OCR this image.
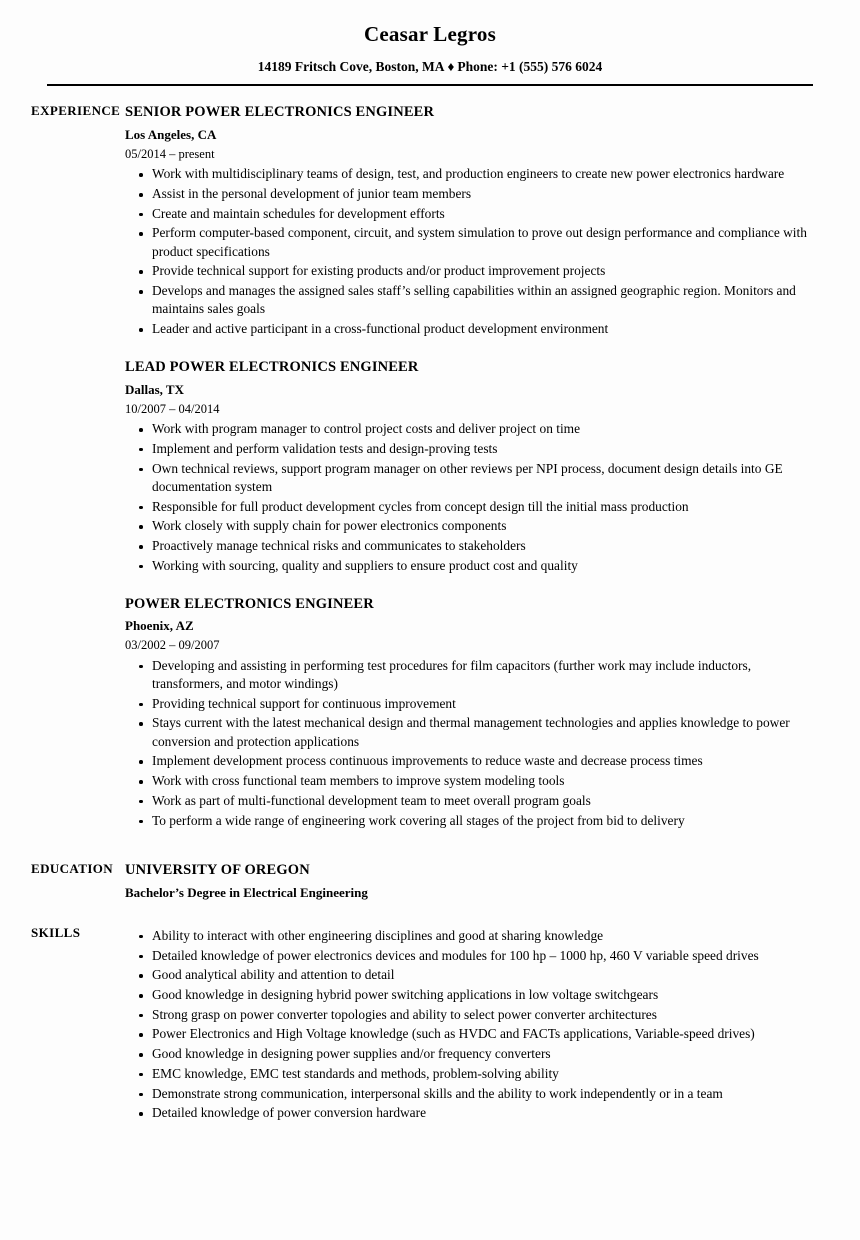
Ceasar Legros
14189 Fritsch Cove, Boston, MA ♦ Phone: +1 (555) 576 6024
EXPERIENCE SENIOR POWER ELECTRONICS ENGINEER
Los Angeles, CA
05/2014 – present
Work with multidisciplinary teams of design, test, and production engineers to create new power electronics hardware
Assist in the personal development of junior team members
Create and maintain schedules for development efforts
Perform computer-based component, circuit, and system simulation to prove out design performance and compliance with product specifications
Provide technical support for existing products and/or product improvement projects
Develops and manages the assigned sales staff’s selling capabilities within an assigned geographic region. Monitors and maintains sales goals
Leader and active participant in a cross-functional product development environment
LEAD POWER ELECTRONICS ENGINEER
Dallas, TX
10/2007 – 04/2014
Work with program manager to control project costs and deliver project on time
Implement and perform validation tests and design-proving tests
Own technical reviews, support program manager on other reviews per NPI process, document design details into GE documentation system
Responsible for full product development cycles from concept design till the initial mass production
Work closely with supply chain for power electronics components
Proactively manage technical risks and communicates to stakeholders
Working with sourcing, quality and suppliers to ensure product cost and quality
POWER ELECTRONICS ENGINEER
Phoenix, AZ
03/2002 – 09/2007
Developing and assisting in performing test procedures for film capacitors (further work may include inductors, transformers, and motor windings)
Providing technical support for continuous improvement
Stays current with the latest mechanical design and thermal management technologies and applies knowledge to power conversion and protection applications
Implement development process continuous improvements to reduce waste and decrease process times
Work with cross functional team members to improve system modeling tools
Work as part of multi-functional development team to meet overall program goals
To perform a wide range of engineering work covering all stages of the project from bid to delivery
EDUCATION UNIVERSITY OF OREGON
Bachelor’s Degree in Electrical Engineering
SKILLS	Ability to interact with other engineering disciplines and good at sharing knowledge
Detailed knowledge of power electronics devices and modules for 100 hp – 1000 hp, 460 V variable speed drives
Good analytical ability and attention to detail
Good knowledge in designing hybrid power switching applications in low voltage switchgears
Strong grasp on power converter topologies and ability to select power converter architectures
Power Electronics and High Voltage knowledge (such as HVDC and FACTs applications, Variable-speed drives)
Good knowledge in designing power supplies and/or frequency converters
EMC knowledge, EMC test standards and methods, problem-solving ability
Demonstrate strong communication, interpersonal skills and the ability to work independently or in a team
Detailed knowledge of power conversion hardware
